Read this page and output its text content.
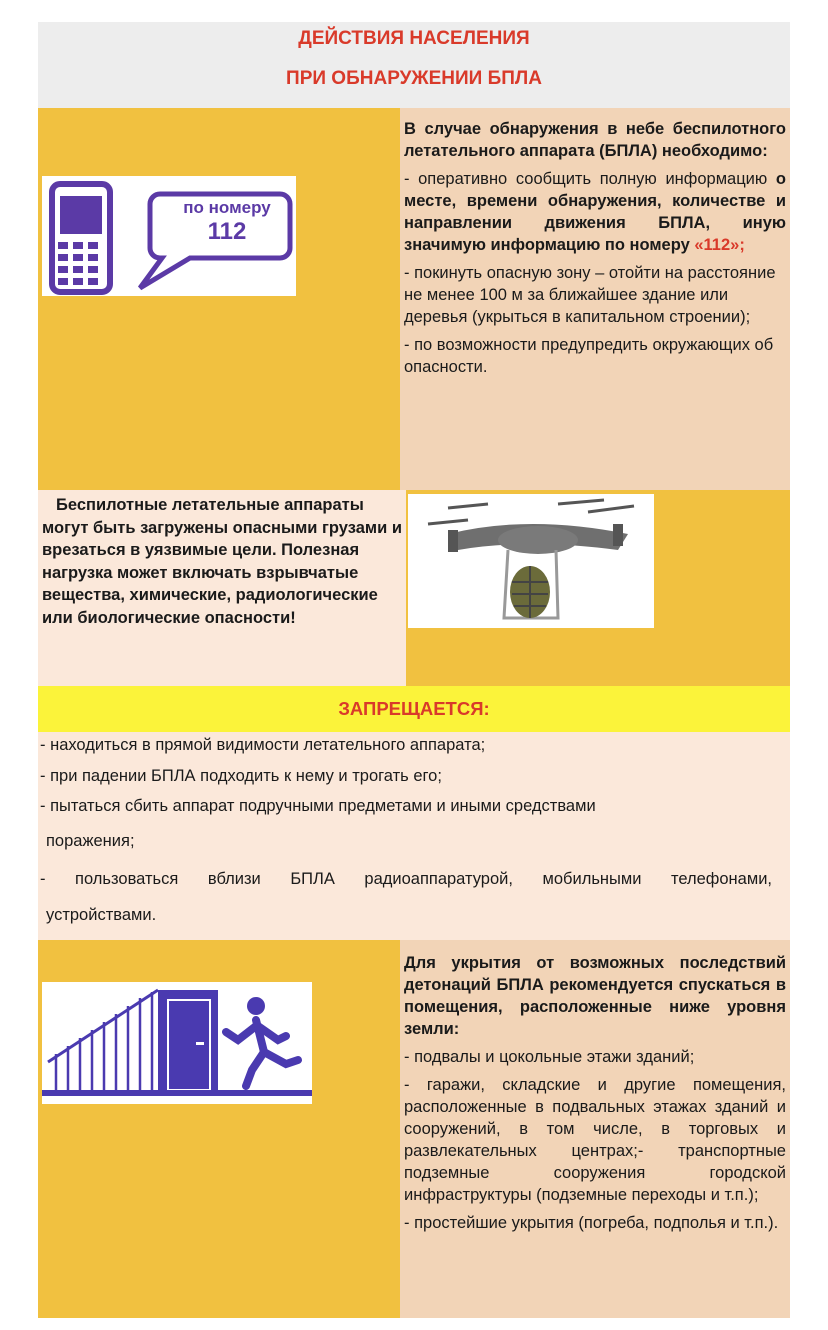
ДЕЙСТВИЯ НАСЕЛЕНИЯ
ПРИ ОБНАРУЖЕНИИ БПЛА
по номеру
112

В случае обнаружения в небе беспилотного летательного аппарата (БПЛА) необходимо:

- оперативно сообщить полную информацию о месте, времени обнаружения, количестве и направлении движения БПЛА, иную значимую информацию по номеру «112»;

- покинуть опасную зону – отойти на расстояние не менее 100 м за ближайшее здание или деревья (укрыться в капитальном строении);

- по возможности предупредить окружающих об опасности.

Беспилотные летательные аппараты могут быть загружены опасными грузами и врезаться в уязвимые цели. Полезная нагрузка может включать взрывчатые вещества, химические, радиологические или биологические опасности!

ЗАПРЕЩАЕТСЯ:
- находиться в прямой видимости летательного аппарата;
- при падении БПЛА подходить к нему и трогать его;
- пытаться сбить аппарат подручными предметами и иными средствами
поражения;
- пользоваться вблизи БПЛА радиоаппаратурой, мобильными телефонами,
устройствами.

Для укрытия от возможных последствий детонаций БПЛА рекомендуется спускаться в помещения, расположенные ниже уровня земли:

- подвалы и цокольные этажи зданий;

- гаражи, складские и другие помещения, расположенные в подвальных этажах зданий и сооружений, в том числе, в торговых и развлекательных центрах;- транспортные подземные сооружения городской инфраструктуры (подземные переходы и т.п.);

- простейшие укрытия (погреба, подполья и т.п.).
